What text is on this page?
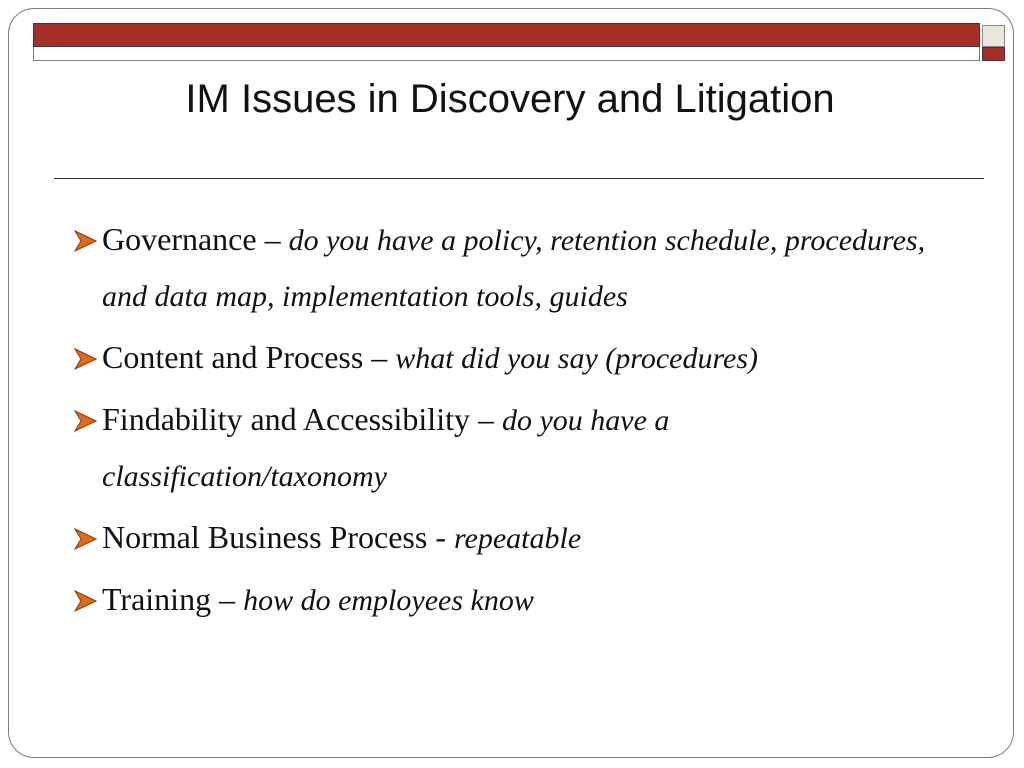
IM Issues in Discovery and Litigation
Governance – do you have a policy, retention schedule, procedures, and data map, implementation tools, guides
Content and Process – what did you say (procedures)
Findability and Accessibility – do you have a classification/taxonomy
Normal Business Process - repeatable
Training – how do employees know
